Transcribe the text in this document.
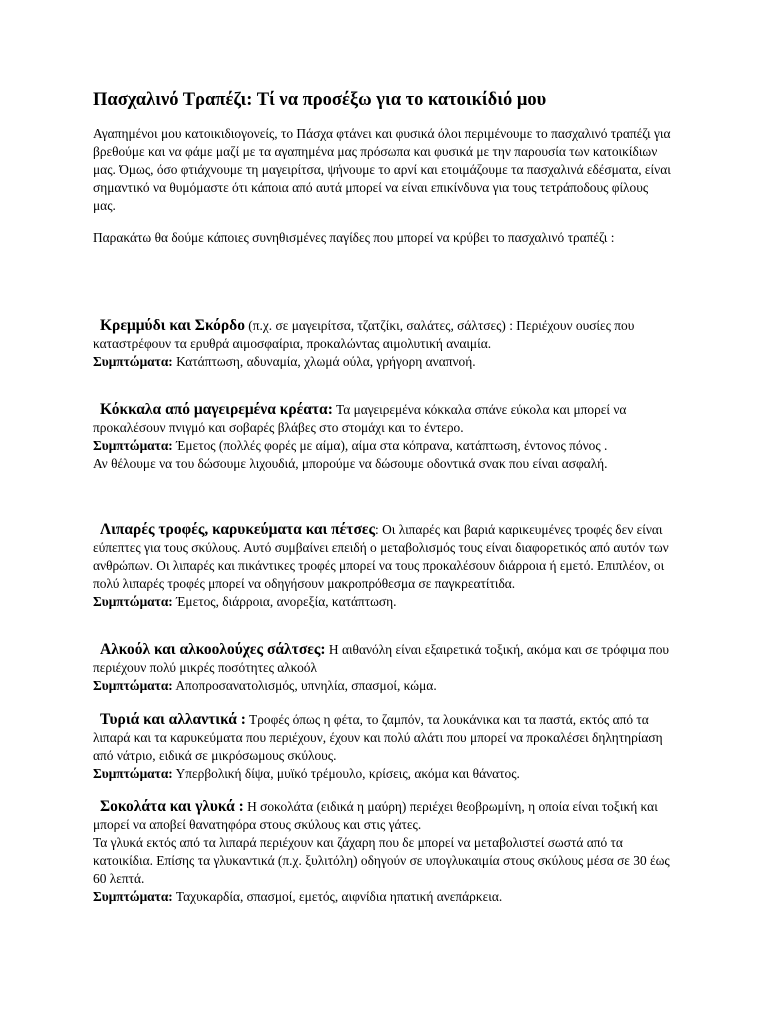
Πασχαλινό Τραπέζι: Τί να προσέξω για το κατοικίδιό μου

Αγαπημένοι μου κατοικιδιογονείς, το Πάσχα φτάνει και φυσικά όλοι περιμένουμε το πασχαλινό τραπέζι για βρεθούμε και να φάμε μαζί με τα αγαπημένα μας πρόσωπα και φυσικά με την παρουσία των κατοικίδιων μας. Όμως, όσο φτιάχνουμε τη μαγειρίτσα, ψήνουμε το αρνί και ετοιμάζουμε τα πασχαλινά εδέσματα, είναι σημαντικό να θυμόμαστε ότι κάποια από αυτά μπορεί να είναι επικίνδυνα για τους τετράποδους φίλους μας.

Παρακάτω θα δούμε κάποιες συνηθισμένες παγίδες που μπορεί να κρύβει το πασχαλινό τραπέζι :

Κρεμμύδι και Σκόρδο (π.χ. σε μαγειρίτσα, τζατζίκι, σαλάτες, σάλτσες) : Περιέχουν ουσίες που καταστρέφουν τα ερυθρά αιμοσφαίρια, προκαλώντας αιμολυτική αναιμία.
Συμπτώματα: Κατάπτωση, αδυναμία, χλωμά ούλα, γρήγορη αναπνοή.
Κόκκαλα από μαγειρεμένα κρέατα: Τα μαγειρεμένα κόκκαλα σπάνε εύκολα και μπορεί να προκαλέσουν πνιγμό και σοβαρές βλάβες στο στομάχι και το έντερο.
Συμπτώματα: Έμετος (πολλές φορές με αίμα), αίμα στα κόπρανα, κατάπτωση, έντονος πόνος .
Αν θέλουμε να του δώσουμε λιχουδιά, μπορούμε να δώσουμε οδοντικά σνακ που είναι ασφαλή.
Λιπαρές τροφές, καρυκεύματα και πέτσες: Οι λιπαρές και βαριά καρικευμένες τροφές δεν είναι εύπεπτες για τους σκύλους. Αυτό συμβαίνει επειδή ο μεταβολισμός τους είναι διαφορετικός από αυτόν των ανθρώπων. Οι λιπαρές και πικάντικες τροφές μπορεί να τους προκαλέσουν διάρροια ή εμετό. Επιπλέον, οι πολύ λιπαρές τροφές μπορεί να οδηγήσουν μακροπρόθεσμα σε παγκρεατίτιδα.
Συμπτώματα: Έμετος, διάρροια, ανορεξία, κατάπτωση.
Αλκοόλ και αλκοολούχες σάλτσες: Η αιθανόλη είναι εξαιρετικά τοξική, ακόμα και σε τρόφιμα που περιέχουν πολύ μικρές ποσότητες αλκοόλ
Συμπτώματα: Αποπροσανατολισμός, υπνηλία, σπασμοί, κώμα.
Τυριά και αλλαντικά : Τροφές όπως η φέτα, το ζαμπόν, τα λουκάνικα και τα παστά, εκτός από τα λιπαρά και τα καρυκεύματα που περιέχουν, έχουν και πολύ αλάτι που μπορεί να προκαλέσει δηλητηρίαση από νάτριο, ειδικά σε μικρόσωμους σκύλους.
Συμπτώματα: Υπερβολική δίψα, μυϊκό τρέμουλο, κρίσεις, ακόμα και θάνατος.
Σοκολάτα και γλυκά : Η σοκολάτα (ειδικά η μαύρη) περιέχει θεοβρωμίνη, η οποία είναι τοξική και μπορεί να αποβεί θανατηφόρα στους σκύλους και στις γάτες.
Τα γλυκά εκτός από τα λιπαρά περιέχουν και ζάχαρη που δε μπορεί να μεταβολιστεί σωστά από τα κατοικίδια. Επίσης τα γλυκαντικά (π.χ. ξυλιτόλη) οδηγούν σε υπογλυκαιμία στους σκύλους μέσα σε 30 έως 60 λεπτά.
Συμπτώματα: Ταχυκαρδία, σπασμοί, εμετός, αιφνίδια ηπατική ανεπάρκεια.
